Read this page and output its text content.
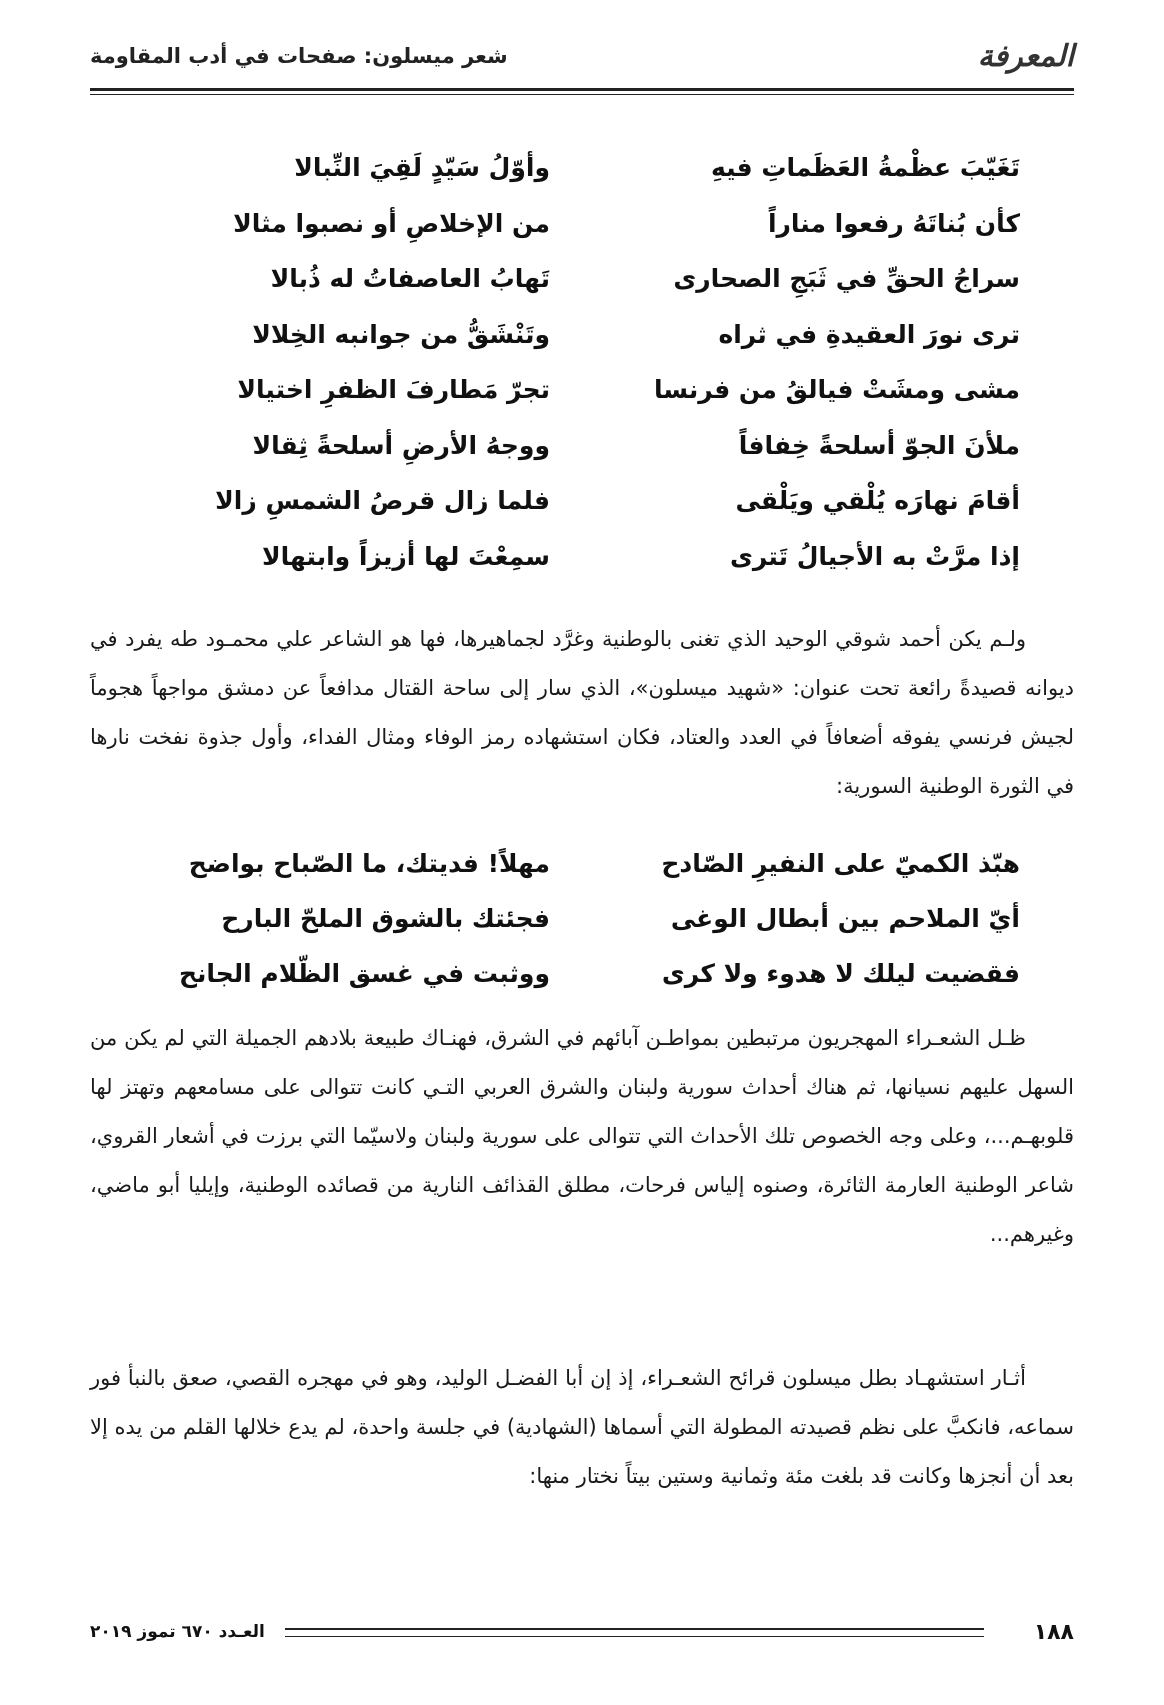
المعرفة
شعر ميسلون: صفحات في أدب المقاومة
تَغَيّبَ عظْمةُ العَظَماتِ فيهِ
وأوّلُ سَيّدٍ لَقِيَ النِّبالا
كأن بُناتَهُ رفعوا مناراً
من الإخلاصِ أو نصبوا مثالا
سراجُ الحقِّ في ثَبَجِ الصحارى
تَهابُ العاصفاتُ له ذُبالا
ترى نورَ العقيدةِ في ثراه
وتَنْشَقُّ من جوانبه الخِلالا
مشى ومشَتْ فيالقُ من فرنسا
تجرّ مَطارفَ الظفرِ اختيالا
ملأنَ الجوّ أسلحةً خِفافاً
ووجهُ الأرضِ أسلحةً ثِقالا
أقامَ نهارَه يُلْقي ويَلْقى
فلما زال قرصُ الشمسِ زالا
إذا مرَّتْ به الأجيالُ تَترى
سمِعْتَ لها أزيزاً وابتهالا

ولـم يكن أحمد شوقي الوحيد الذي تغنى بالوطنية وغرَّد لجماهيرها، فها هو الشاعر علي محمـود طه يفرد في ديوانه قصيدةً رائعة تحت عنوان: «شهيد ميسلون»، الذي سار إلى ساحة القتال مدافعاً عن دمشق مواجهاً هجوماً لجيش فرنسي يفوقه أضعافاً في العدد والعتاد، فكان استشهاده رمز الوفاء ومثال الفداء، وأول جذوة نفخت نارها في الثورة الوطنية السورية:

هبّذ الكميّ على النفيرِ الصّادح
مهلاً! فديتك، ما الصّباح بواضح
أيّ الملاحم بين أبطال الوغى
فجئتك بالشوق الملحّ البارح
فقضيت ليلك لا هدوء ولا كرى
ووثبت في غسق الظّلام الجانح

ظـل الشعـراء المهجريون مرتبطين بمواطـن آبائهم في الشرق، فهنـاك طبيعة بلادهم الجميلة التي لم يكن من السهل عليهم نسيانها، ثم هناك أحداث سورية ولبنان والشرق العربي التـي كانت تتوالى على مسامعهم وتهتز لها قلوبهـم...، وعلى وجه الخصوص تلك الأحداث التي تتوالى على سورية ولبنان ولاسيّما التي برزت في أشعار القروي، شاعر الوطنية العارمة الثائرة، وصنوه إلياس فرحات، مطلق القذائف النارية من قصائده الوطنية، وإيليا أبو ماضي، وغيرهم...

أثـار استشهـاد بطل ميسلون قرائح الشعـراء، إذ إن أبا الفضـل الوليد، وهو في مهجره القصي، صعق بالنبأ فور سماعه، فانكبَّ على نظم قصيدته المطولة التي أسماها (الشهادية) في جلسة واحدة، لم يدع خلالها القلم من يده إلا بعد أن أنجزها وكانت قد بلغت مئة وثمانية وستين بيتاً نختار منها:

١٨٨
العـدد ٦٧٠ تموز ٢٠١٩
